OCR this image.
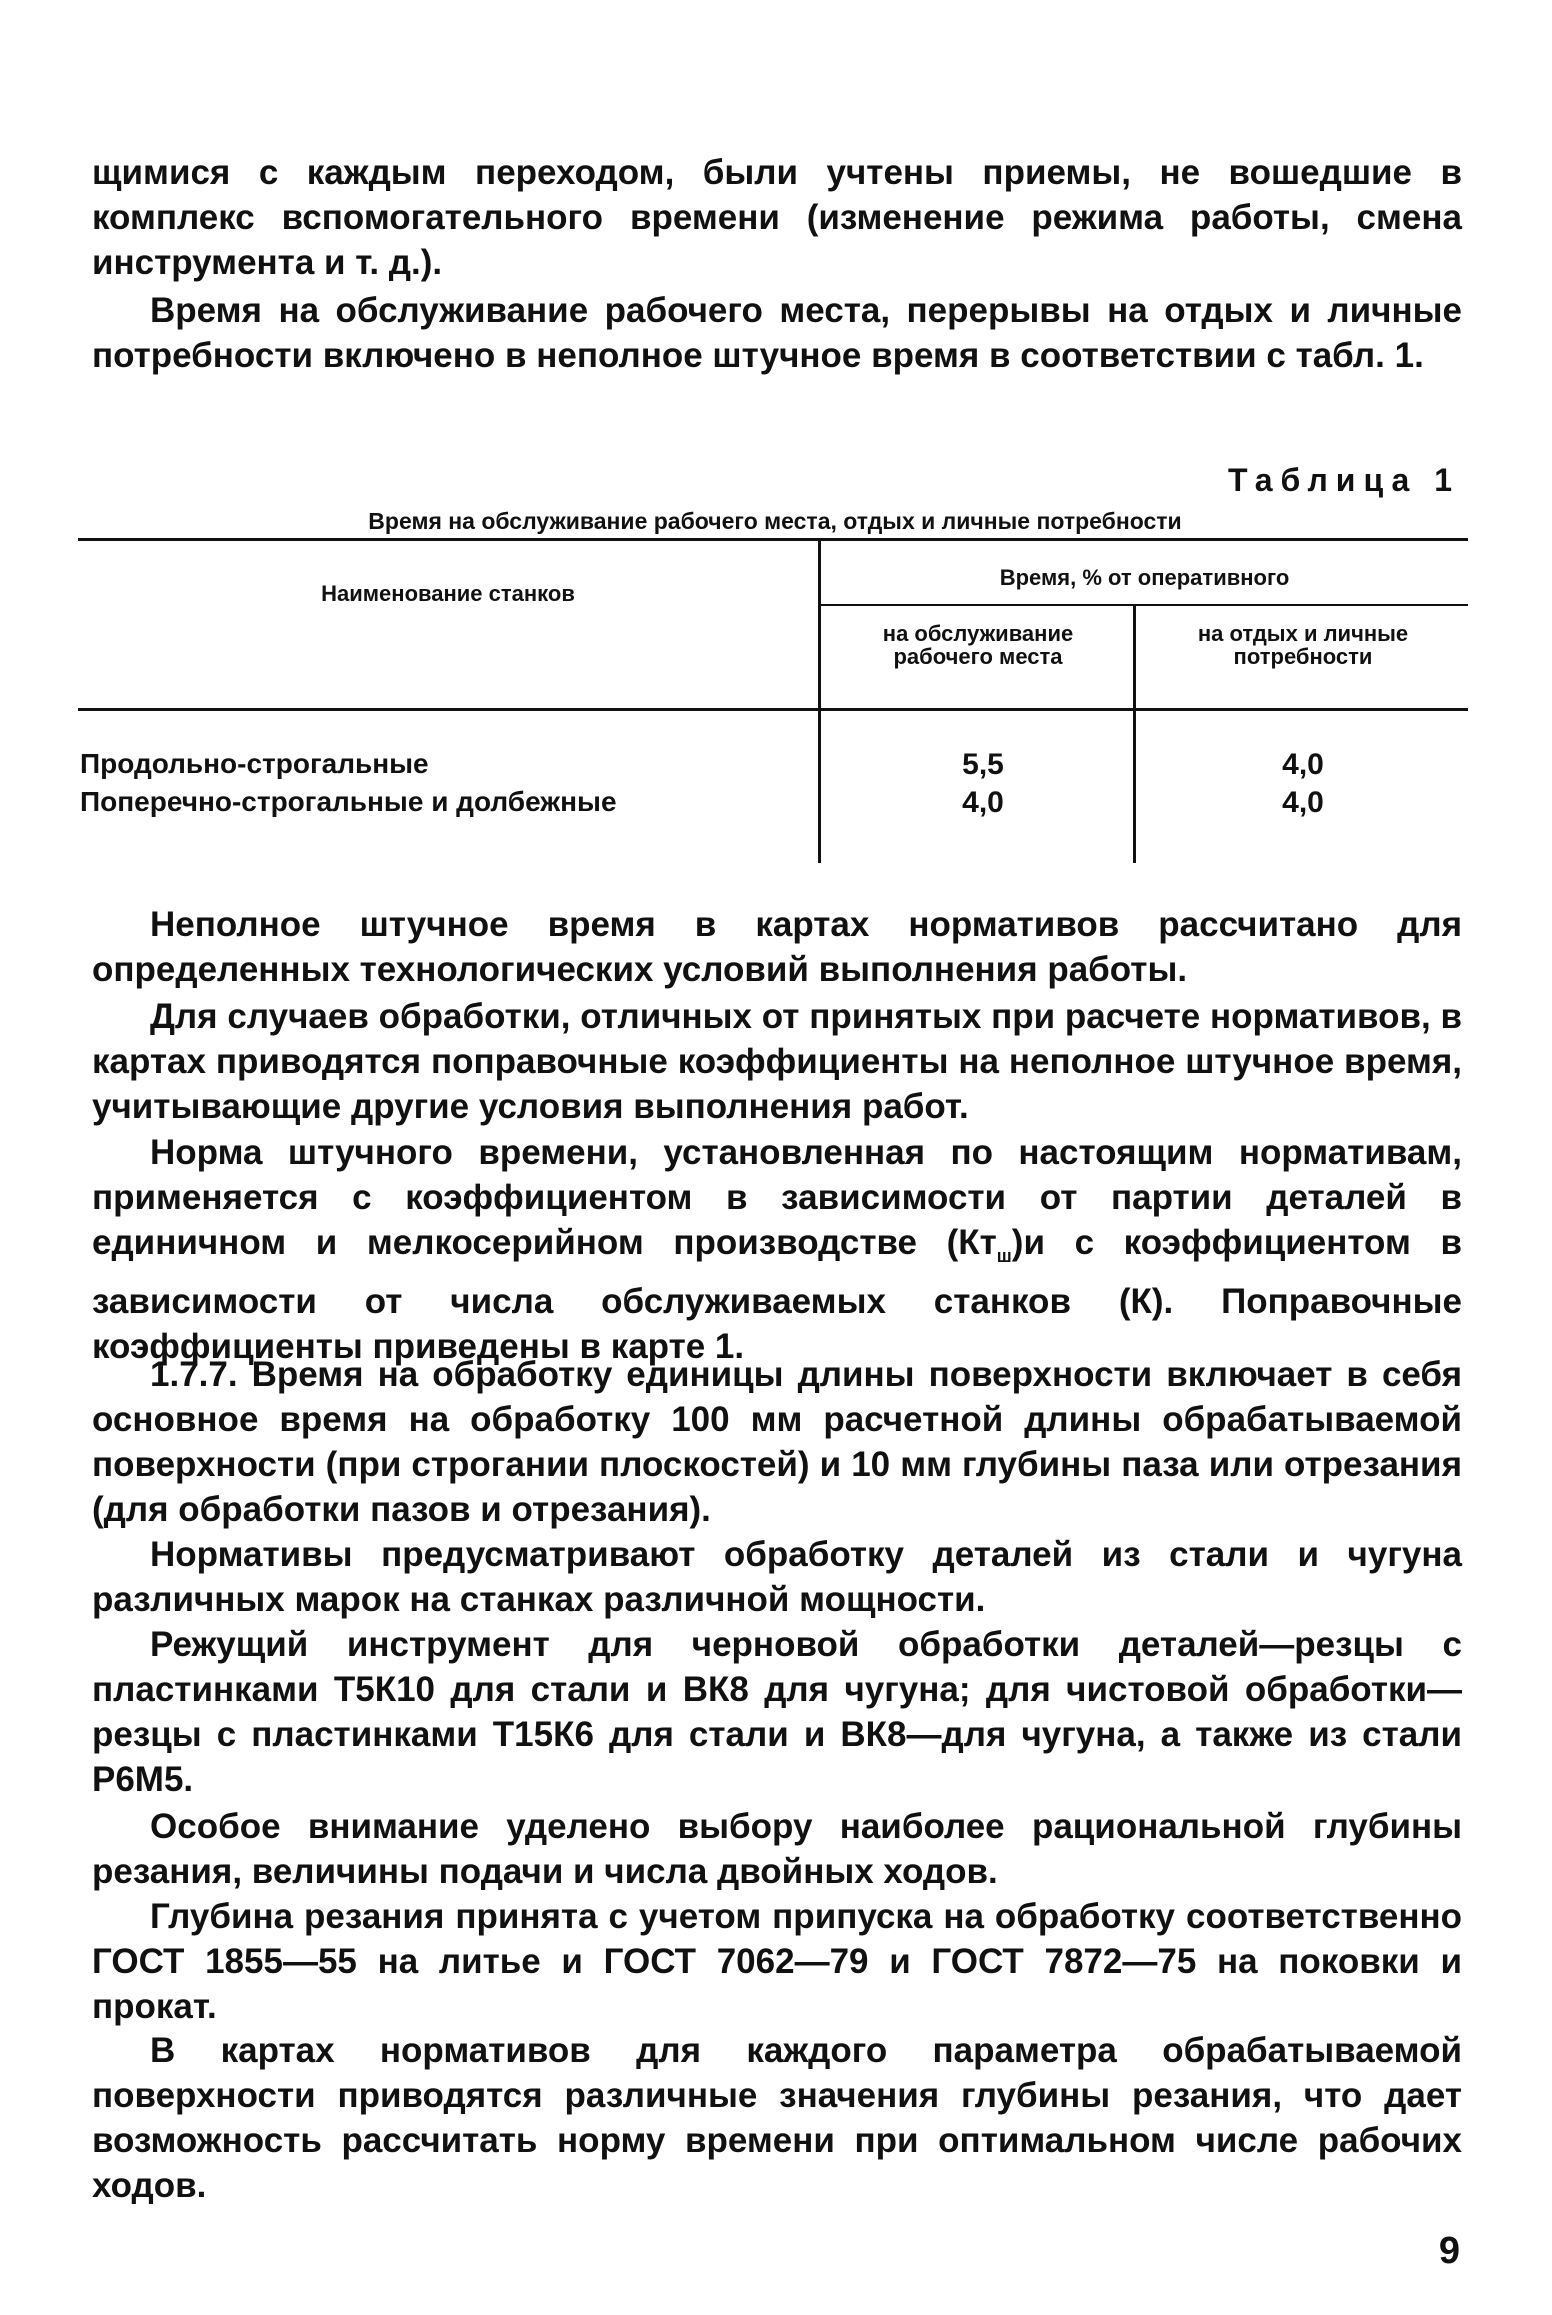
щимися с каждым переходом, были учтены приемы, не вошедшие в комплекс вспомогательного времени (изменение режима работы, смена инструмента и т. д.).

Время на обслуживание рабочего места, перерывы на отдых и личные потребности включено в неполное штучное время в соответствии с табл. 1.

Таблица 1
Время на обслуживание рабочего места, отдых и личные потребности
Наименование станков
Время, % от оперативного
на обслуживание рабочего места
на отдых и личные потребности
Продольно-строгальные	5,5	4,0
Поперечно-строгальные и долбежные	4,0	4,0

Неполное штучное время в картах нормативов рассчитано для определенных технологических условий выполнения работы.

Для случаев обработки, отличных от принятых при расчете нормативов, в картах приводятся поправочные коэффициенты на неполное штучное время, учитывающие другие условия выполнения работ.

Норма штучного времени, установленная по настоящим нормативам, применяется с коэффициентом в зависимости от партии деталей в единичном и мелкосерийном производстве $(Кт_ш)и$ с коэффициентом в зависимости от числа обслуживаемых станков (К). Поправочные коэффициенты приведены в карте 1.

1.7.7. Время на обработку единицы длины поверхности включает в себя основное время на обработку 100 мм расчетной длины обрабатываемой поверхности (при строгании плоскостей) и 10 мм глубины паза или отрезания (для обработки пазов и отрезания).

Нормативы предусматривают обработку деталей из стали и чугуна различных марок на станках различной мощности.

Режущий инструмент для черновой обработки деталей—резцы с пластинками Т5К10 для стали и ВК8 для чугуна; для чистовой обработки—резцы с пластинками Т15К6 для стали и ВК8—для чугуна, а также из стали Р6М5.

Особое внимание уделено выбору наиболее рациональной глубины резания, величины подачи и числа двойных ходов.

Глубина резания принята с учетом припуска на обработку соответственно ГОСТ 1855—55 на литье и ГОСТ 7062—79 и ГОСТ 7872—75 на поковки и прокат.

В картах нормативов для каждого параметра обрабатываемой поверхности приводятся различные значения глубины резания, что дает возможность рассчитать норму времени при оптимальном числе рабочих ходов.

9
